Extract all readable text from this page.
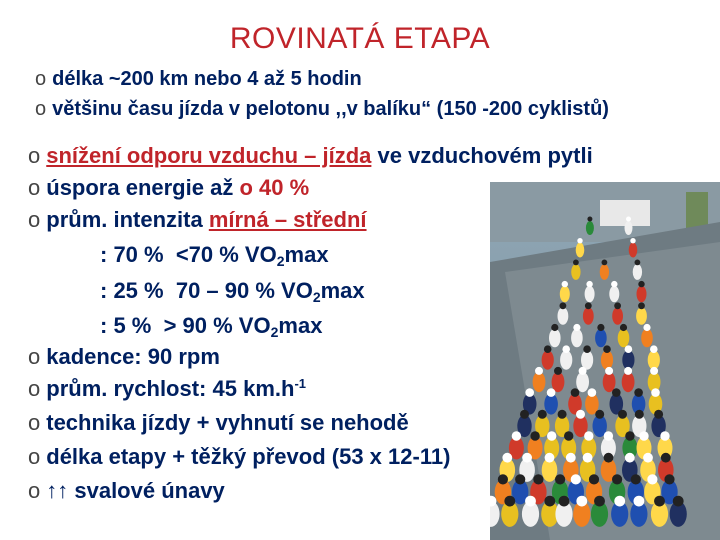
ROVINATÁ ETAPA
o délka ~200 km nebo 4 až 5 hodin
o většinu času jízda v pelotonu ,,v balíku“ (150 -200 cyklistů)
o snížení odporu vzduchu – jízda ve vzduchovém pytli
o úspora energie až o 40 %
o prům. intenzita mírná – střední
: 70 % <70 % $VO_2\max$
: 25 % 70 – 90 % $VO_2\max$
: 5 % > 90 % $VO_2\max$
o kadence: 90 rpm
o prům. rychlost: 45 $km.h^{-1}$
o technika jízdy + vyhnutí se nehodě
o délka etapy + těžký převod (53 x 12-11)
o ↑↑ svalové únavy
